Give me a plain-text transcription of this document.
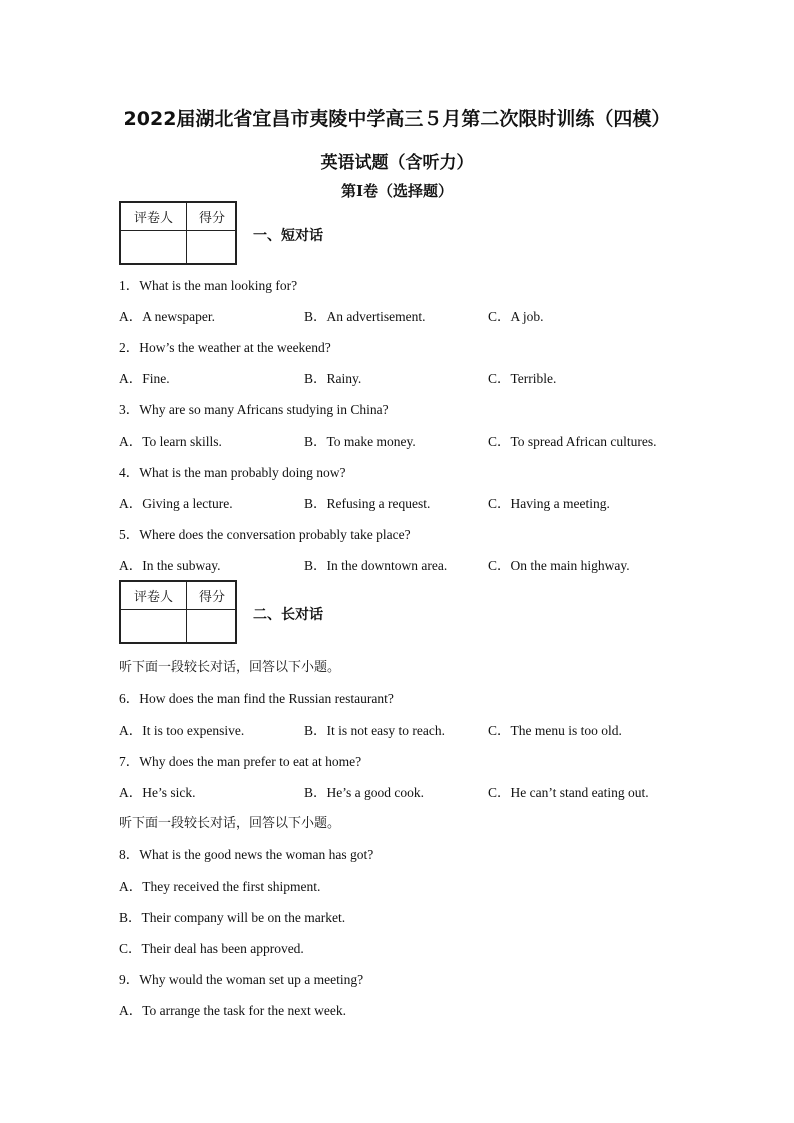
2022届湖北省宜昌市夷陵中学高三５月第二次限时训练（四模）
英语试题（含听力）
第I卷（选择题）
评卷人	得分
一、短对话
1．What is the man looking for?
A．A newspaper.	B．An advertisement.	C．A job.
2．How’s the weather at the weekend?
A．Fine.	B．Rainy.	C．Terrible.
3．Why are so many Africans studying in China?
A．To learn skills.	B．To make money.	C．To spread African cultures.
4．What is the man probably doing now?
A．Giving a lecture.	B．Refusing a request.	C．Having a meeting.
5．Where does the conversation probably take place?
A．In the subway.	B．In the downtown area.	C．On the main highway.
评卷人	得分
二、长对话
听下面一段较长对话，回答以下小题。
6．How does the man find the Russian restaurant?
A．It is too expensive.	B．It is not easy to reach.	C．The menu is too old.
7．Why does the man prefer to eat at home?
A．He’s sick.	B．He’s a good cook.	C．He can’t stand eating out.
听下面一段较长对话，回答以下小题。
8．What is the good news the woman has got?
A．They received the first shipment.
B．Their company will be on the market.
C．Their deal has been approved.
9．Why would the woman set up a meeting?
A．To arrange the task for the next week.
